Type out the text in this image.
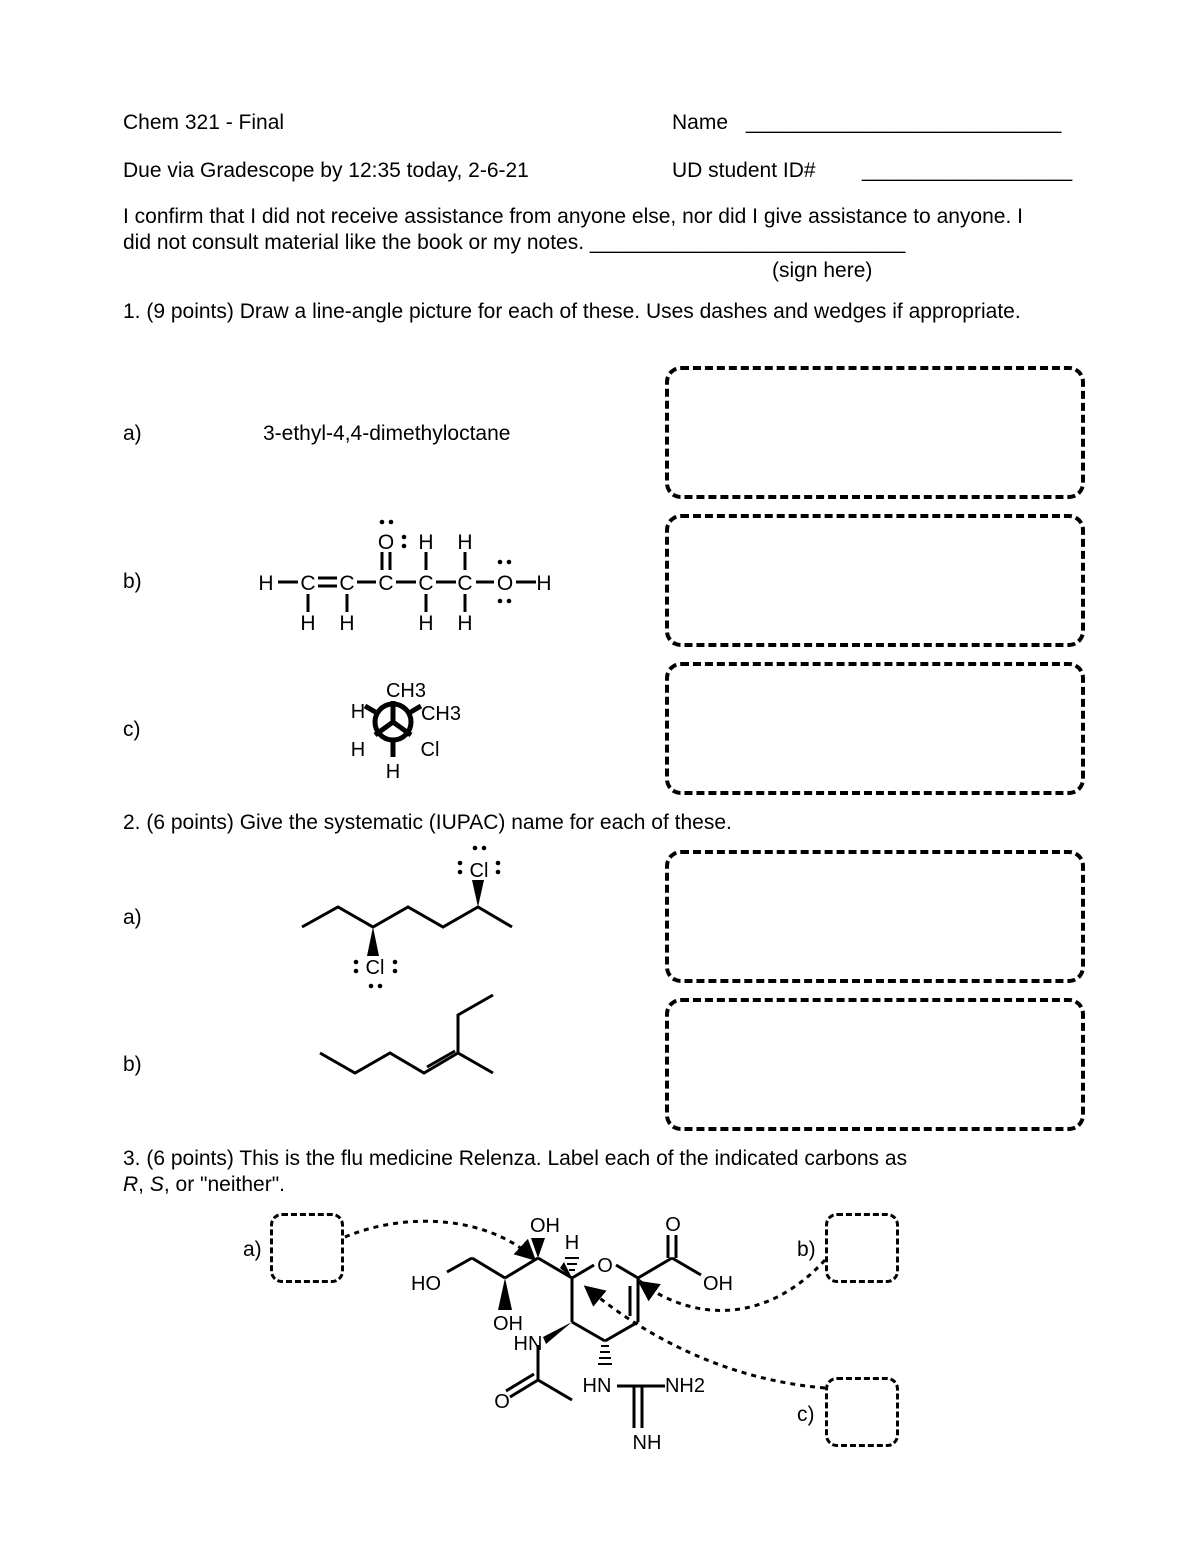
Chem 321 - Final	Name ___________________________
Due via Gradescope by 12:35 today, 2-6-21	UD student ID# __________________
I confirm that I did not receive assistance from anyone else, nor did I give assistance to anyone. I did not consult material like the book or my notes. ___________________________
(sign here)
1. (9 points) Draw a line-angle picture for each of these. Uses dashes and wedges if appropriate.
a)	3-ethyl-4,4-dimethyloctane
b)
c)
2. (6 points) Give the systematic (IUPAC) name for each of these.
a)
b)
3. (6 points) This is the flu medicine Relenza. Label each of the indicated carbons as
R, S, or "neither".
H C C C C C O H
O H H
H H	H H
CH3
CH3
H
H	Cl
H
Cl
Cl
OH
H
O
O
OH
HO
OH
HN
O
HN	NH2
NH
a)	b)
c)
